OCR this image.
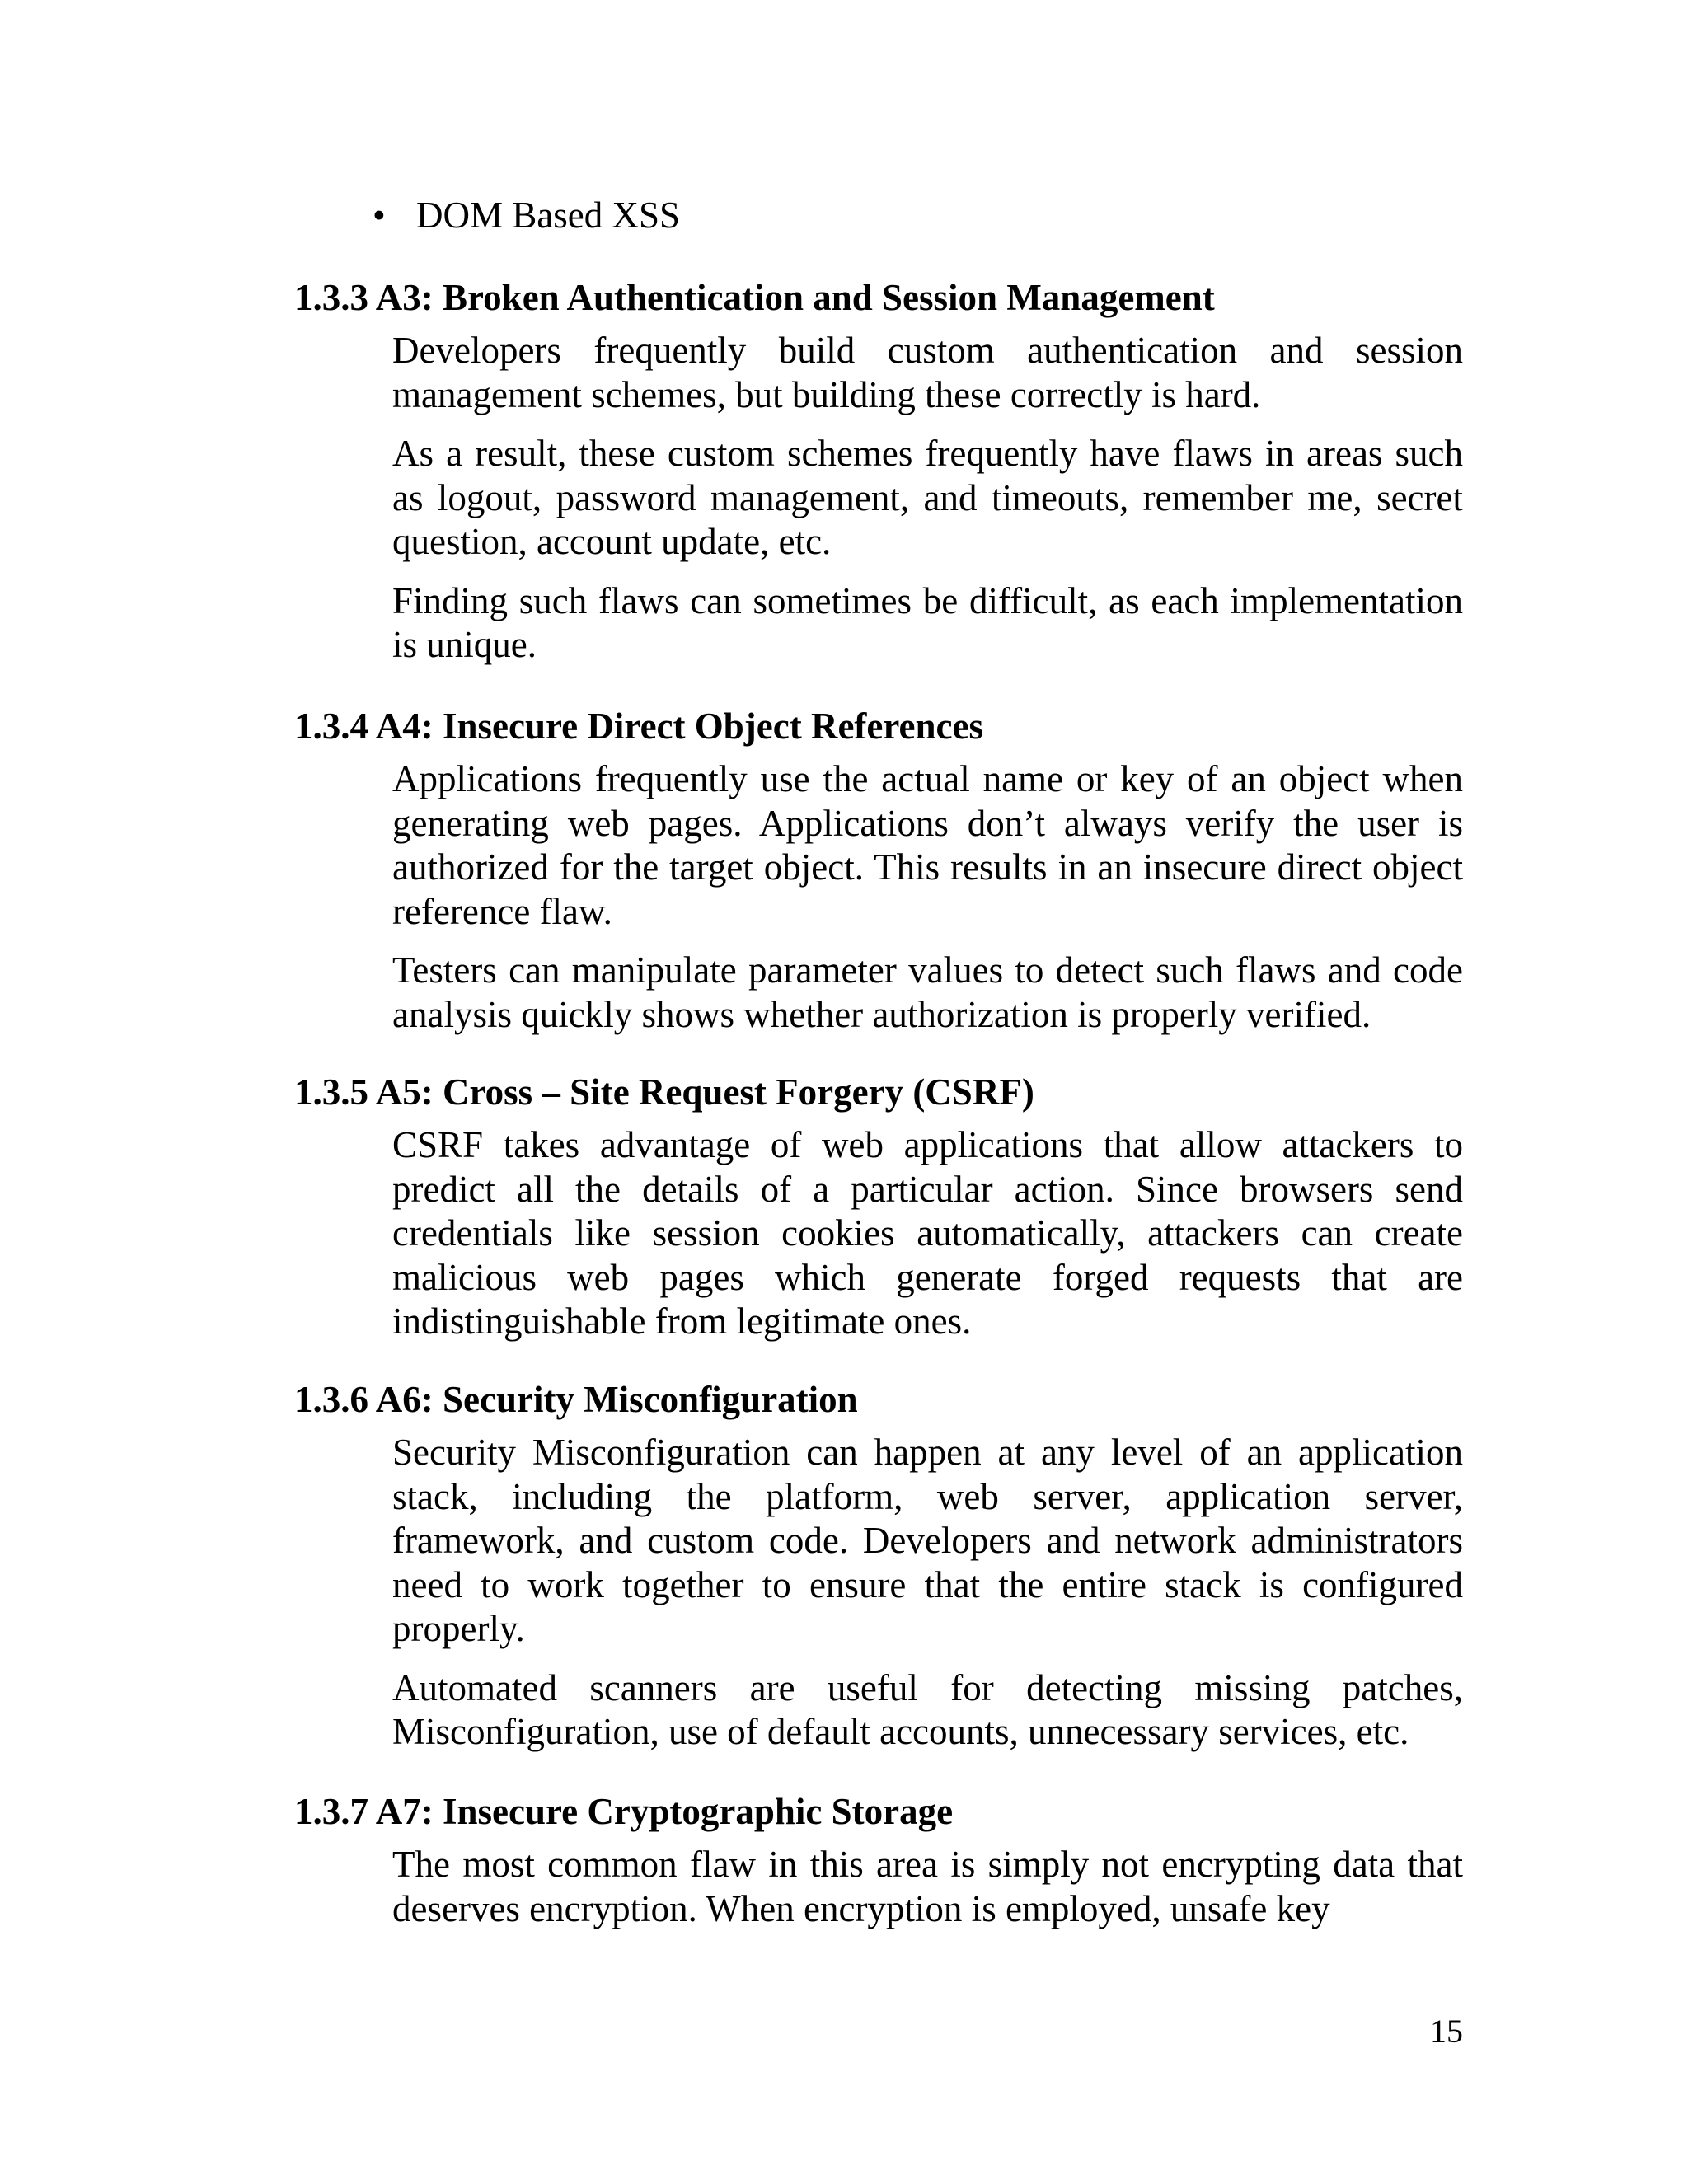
• DOM Based XSS
1.3.3 A3: Broken Authentication and Session Management

Developers frequently build custom authentication and session management schemes, but building these correctly is hard.

As a result, these custom schemes frequently have flaws in areas such as logout, password management, and timeouts, remember me, secret question, account update, etc.

Finding such flaws can sometimes be difficult, as each implementation is unique.

1.3.4 A4: Insecure Direct Object References

Applications frequently use the actual name or key of an object when generating web pages. Applications don’t always verify the user is authorized for the target object. This results in an insecure direct object reference flaw.

Testers can manipulate parameter values to detect such flaws and code analysis quickly shows whether authorization is properly verified.

1.3.5 A5: Cross – Site Request Forgery (CSRF)

CSRF takes advantage of web applications that allow attackers to predict all the details of a particular action. Since browsers send credentials like session cookies automatically, attackers can create malicious web pages which generate forged requests that are indistinguishable from legitimate ones.

1.3.6 A6: Security Misconfiguration

Security Misconfiguration can happen at any level of an application stack, including the platform, web server, application server, framework, and custom code. Developers and network administrators need to work together to ensure that the entire stack is configured properly.

Automated scanners are useful for detecting missing patches, Misconfiguration, use of default accounts, unnecessary services, etc.

1.3.7 A7: Insecure Cryptographic Storage

The most common flaw in this area is simply not encrypting data that deserves encryption. When encryption is employed, unsafe key

15
